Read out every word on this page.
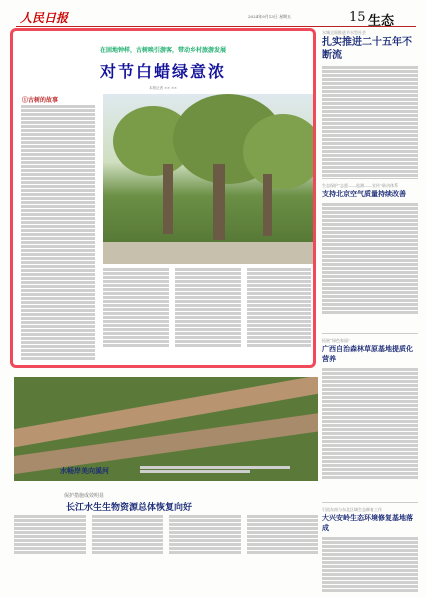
人民日报	2024年9月13日 星期五	15 生态
在固地钟样，古树唤引游客，带动乡村旅游发展
对节白蜡绿意浓
本报记者 ×× ××
①古树的故事
水城全面推进节水型社会
扎实推进二十五年不断流
生态保护“志愿——监测——宣传”联动体系
支持北京空气质量持续改善
拓展“绿色家园”
广西自治森林草原基地提质化营养
引流东南与东北区域生态修复工作
大兴安岭生态环境修复基地落成
水畅岸美向溪河
保护措施成效明显
长江水生生物资源总体恢复向好
